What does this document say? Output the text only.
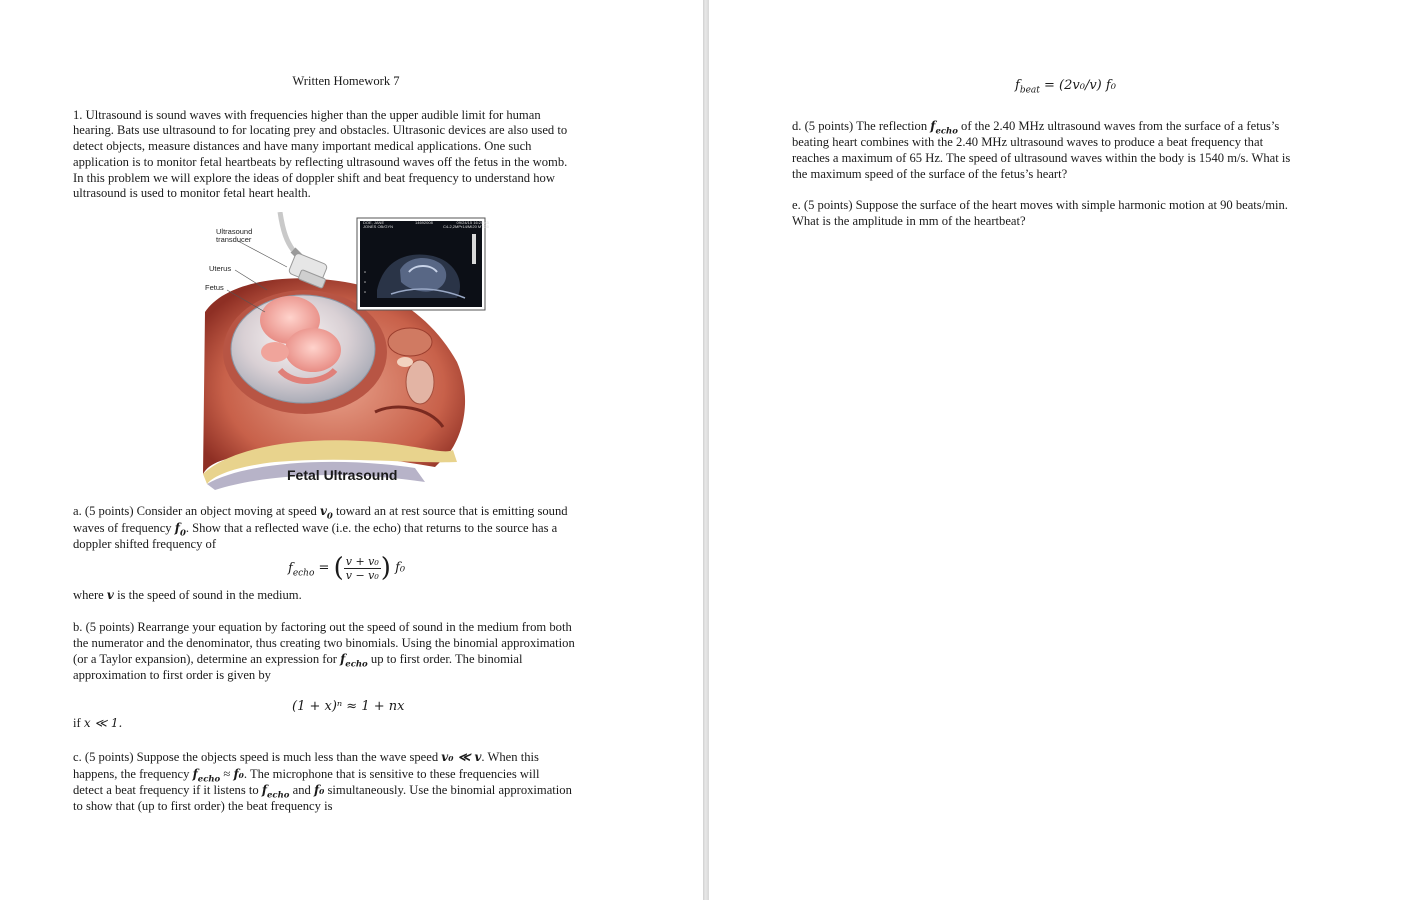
Written Homework 7

1. Ultrasound is sound waves with frequencies higher than the upper audible limit for human

hearing. Bats use ultrasound to for locating prey and obstacles. Ultrasonic devices are also used to

detect objects, measure distances and have many important medical applications. One such

application is to monitor fetal heartbeats by reflecting ultrasound waves off the fetus in the womb.

In this problem we will explore the ideas of doppler shift and beat frequency to understand how

ultrasound is used to monitor fetal heart health.

Ultrasound
transducer
Uterus
Fetus
DOE, JANE
JONES OB/GYN
14692008	09/24/15 16:25:43
C4-2,2MPr14/MI20 MT:35
Fetal Ultrasound

a. (5 points) Consider an object moving at speed $v_0$ toward an at rest source that is emitting sound

waves of frequency $f_0$. Show that a reflected wave (i.e. the echo) that returns to the source has a

doppler shifted frequency of

$f_{echo}$ = ( $\frac{\text{v + v₀}}{\text{v − v₀}}$ ) f₀

where v is the speed of sound in the medium.

b. (5 points) Rearrange your equation by factoring out the speed of sound in the medium from both

the numerator and the denominator, thus creating two binomials. Using the binomial approximation

(or a Taylor expansion), determine an expression for $f_{echo}$ up to first order. The binomial

approximation to first order is given by

(1 + x)ⁿ ≈ 1 + nx

if x ≪ 1.

c. (5 points) Suppose the objects speed is much less than the wave speed v₀ ≪ v. When this

happens, the frequency $f_{echo} \approx f_0$. The microphone that is sensitive to these frequencies will

detect a beat frequency if it listens to $f_{echo}$ and f₀ simultaneously. Use the binomial approximation

to show that (up to first order) the beat frequency is

$f_{beat} = (2v_0/v)$ f₀

d. (5 points) The reflection $f_{echo}$ of the 2.40 MHz ultrasound waves from the surface of a fetus’s

beating heart combines with the 2.40 MHz ultrasound waves to produce a beat frequency that

reaches a maximum of 65 Hz. The speed of ultrasound waves within the body is 1540 m/s. What is

the maximum speed of the surface of the fetus’s heart?

e. (5 points) Suppose the surface of the heart moves with simple harmonic motion at 90 beats/min.

What is the amplitude in mm of the heartbeat?
